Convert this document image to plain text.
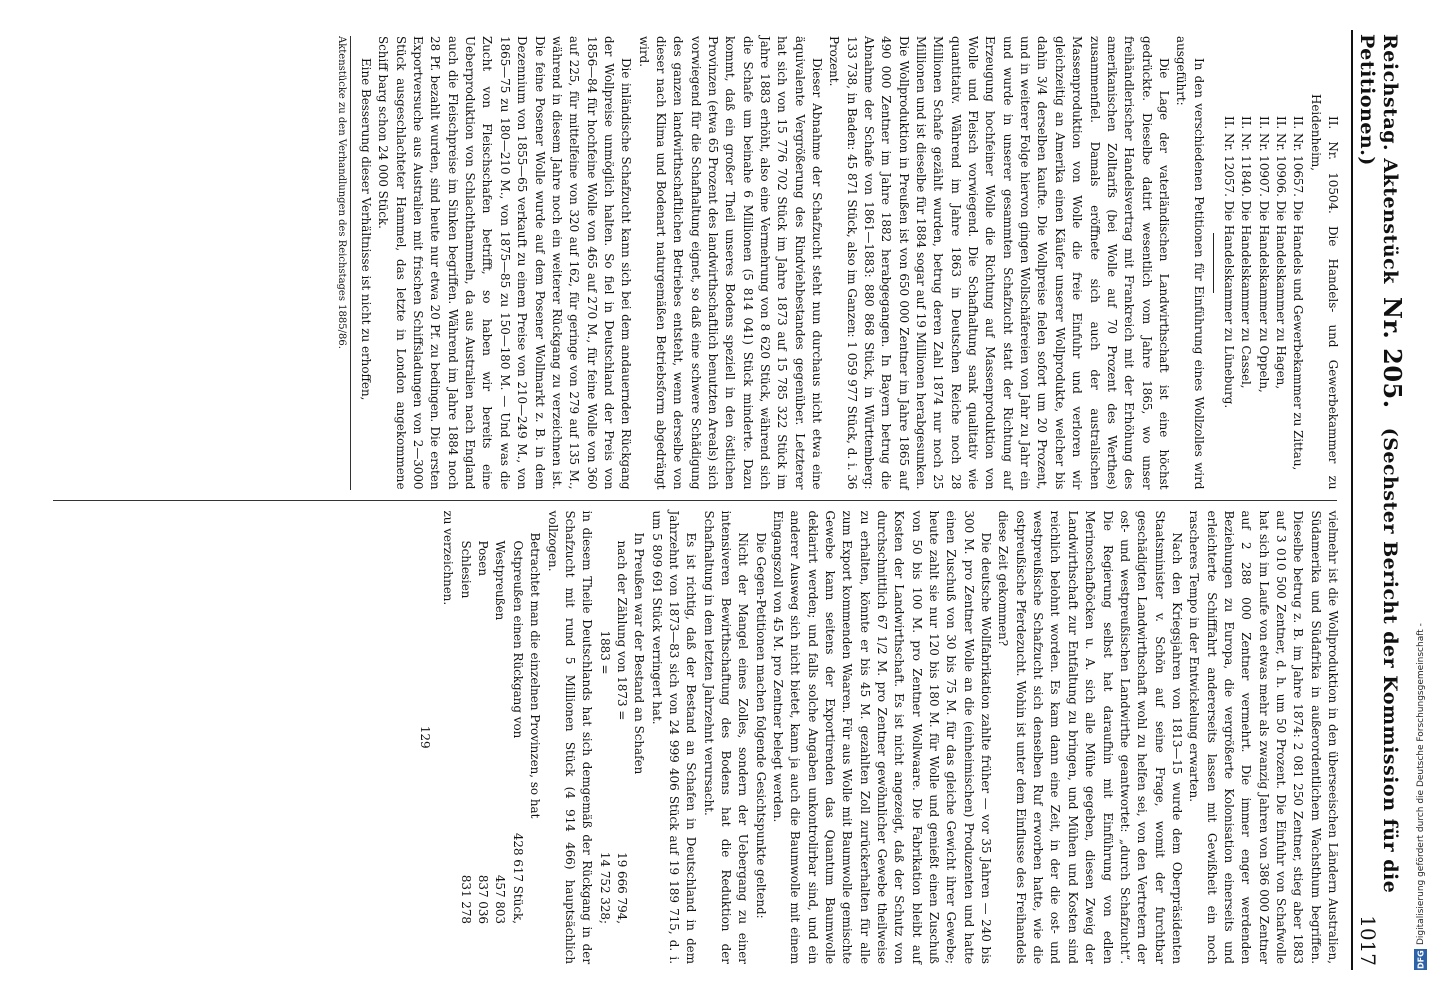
Reichstag. Aktenstück Nr. 205. (Sechster Bericht der Kommission für die Petitionen.)
1017

II. Nr. 10504. Die Handels- und Gewerbekammer zu Heidenheim,

II. Nr. 10657. Die Handels und Gewerbekammer zu Zittau,

II. Nr. 10906. Die Handelskammer zu Hagen,

II. Nr. 10907. Die Handelskammer zu Oppeln,

II. Nr. 11840. Die Handelskammer zu Cassel,

II. Nr. 12057. Die Handelskammer zu Lüneburg.

In den verschiedenen Petitionen für Einführung eines Wollzolles wird ausgeführt:

Die Lage der vaterländischen Landwirthschaft ist eine höchst gedrückte. Dieselbe datirt wesentlich vom Jahre 1865, wo unser freihändlerischer Handelsvertrag mit Frankreich mit der Erhöhung des amerikanischen Zolltarifs (bei Wolle auf 70 Prozent des Werthes) zusammenfiel. Damals eröffnete sich auch der australischen Massenproduktion von Wolle die freie Einfuhr und verloren wir gleichzeitig an Amerika einen Käufer unserer Wollprodukte, welcher bis dahin 3/4 derselben kaufte. Die Wollpreise fielen sofort um 20 Prozent, und in weiterer Folge hiervon gingen Wollschäfereien von Jahr zu Jahr ein und wurde in unserer gesammten Schafzucht statt der Richtung auf Erzeugung hochfeiner Wolle die Richtung auf Massenproduktion von Wolle und Fleisch vorwiegend. Die Schafhaltung sank qualitativ wie quantitativ. Während im Jahre 1863 in Deutschen Reiche noch 28 Millionen Schafe gezählt wurden, betrug deren Zahl 1874 nur noch 25 Millionen und ist dieselbe für 1884 sogar auf 19 Millionen herabgesunken. Die Wollproduktion in Preußen ist von 650 000 Zentner im Jahre 1865 auf 490 000 Zentner im Jahre 1882 herabgegangen. In Bayern betrug die Abnahme der Schafe von 1861—1883: 880 868 Stück, in Württemberg: 133 738, in Baden: 45 871 Stück, also im Ganzen: 1 059 977 Stück, d. i. 36 Prozent.

Dieser Abnahme der Schafzucht steht nun durchaus nicht etwa eine äquivalente Vergrößerung des Rindviehbestandes gegenüber. Letzterer hat sich von 15 776 702 Stück im Jahre 1873 auf 15 785 322 Stück im Jahre 1883 erhöht, also eine Vermehrung von 8 620 Stück, während sich die Schafe um beinahe 6 Millionen (5 814 041) Stück minderte. Dazu kommt, daß ein großer Theil unseres Bodens speziell in den östlichen Provinzen (etwa 65 Prozent des landwirthschaftlich benutzten Areals) sich vorwiegend für die Schafhaltung eignet, so daß eine schwere Schädigung des ganzen landwirthschaftlichen Betriebes entsteht, wenn derselbe von dieser nach Klima und Bodenart naturgemäßen Betriebsform abgedrängt wird.

Die inländische Schafzucht kann sich bei dem andauernden Rückgang der Wollpreise unmöglich halten. So fiel in Deutschland der Preis von 1856—84 für hochfeine Wolle von 465 auf 270 M., für feine Wolle von 360 auf 225, für mittelfeine von 320 auf 162, für geringe von 279 auf 135 M., während in diesem Jahre noch ein weiterer Rückgang zu verzeichnen ist. Die feine Posener Wolle wurde auf dem Posener Wollmarkt z. B. in dem Dezennium von 1855—65 verkauft zu einem Preise von 210—249 M., von 1865—75 zu 180—210 M., von 1875—85 zu 150—180 M. — Und was die Zucht von Fleischschafen betrifft, so haben wir bereits eine Ueberproduktion von Schlachthammeln, da aus Australien nach England auch die Fleischpreise im Sinken begriffen. Während im Jahre 1884 noch 28 Pf. bezahlt wurden, sind heute nur etwa 20 Pf. zu bedingen. Die ersten Exportversuche aus Australien mit frischen Schiffsladungen von 2—3000 Stück ausgeschlachteter Hammel, das letzte in London angekommene Schiff barg schon 24 000 Stück.

Eine Besserung dieser Verhältnisse ist nicht zu erhoffen,

Aktenstücke zu den Verhandlungen des Reichstages 1885/86.

vielmehr ist die Wollproduktion in den überseeischen Ländern Australien, Südamerika und Südafrika in außerordentlichem Wachsthum begriffen. Dieselbe betrug z. B. im Jahre 1874: 2 081 250 Zentner, stieg aber 1883 auf 3 010 500 Zentner, d. h. um 50 Prozent. Die Einfuhr von Schafwolle hat sich im Laufe von etwas mehr als zwanzig Jahren von 386 000 Zentner auf 2 288 000 Zentner vermehrt. Die immer enger werdenden Beziehungen zu Europa, die vergrößerte Kolonisation einerseits und erleichterte Schifffahrt andererseits lassen mit Gewißheit ein noch rascheres Tempo in der Entwickelung erwarten.

Nach den Kriegsjahren von 1813—15 wurde dem Oberpräsidenten Staatsminister v. Schön auf seine Frage, womit der furchtbar geschädigten Landwirthschaft wohl zu helfen sei, von den Vertretern der ost- und westpreußischen Landwirthe geantwortet: „durch Schafzucht“. Die Regierung selbst hat daraufhin mit Einführung von edlen Merinoschafböcken u. A. sich alle Mühe gegeben, diesen Zweig der Landwirthschaft zur Entfaltung zu bringen, und Mühen und Kosten sind reichlich belohnt worden. Es kam dann eine Zeit, in der die ost- und westpreußische Schafzucht sich denselben Ruf erworben hatte, wie die ostpreußische Pferdezucht. Wohin ist unter dem Einflusse des Freihandels diese Zeit gekommen?

Die deutsche Wollfabrikation zahlte früher — vor 35 Jahren — 240 bis 300 M. pro Zentner Wolle an die (einheimischen) Produzenten und hatte einen Zuschuß von 30 bis 75 M. für das gleiche Gewicht ihrer Gewebe; heute zahlt sie nur 120 bis 180 M. für Wolle und genießt einen Zuschuß von 50 bis 100 M. pro Zentner Wollwaare. Die Fabrikation bleibt auf Kosten der Landwirthschaft. Es ist nicht angezeigt, daß der Schutz von durchschnittlich 67 1/2 M. pro Zentner gewöhnlicher Gewebe theilweise zu erhalten, könnte er bis 45 M. gezahlten Zoll zurückerhalten für alle zum Export kommenden Waaren. Für aus Wolle mit Baumwolle gemischte Gewebe kann seitens der Exportirenden das Quantum Baumwolle deklarirt werden; und falls solche Angaben unkontrolirbar sind, und ein anderer Ausweg sich nicht bietet, kann ja auch die Baumwolle mit einem Eingangszoll von 45 M. pro Zentner belegt werden.

Die Gegen-Petitionen machen folgende Gesichtspunkte geltend:

Nicht der Mangel eines Zolles, sondern der Uebergang zu einer intensiveren Bewirthschaftung des Bodens hat die Reduktion der Schafhaltung in dem letzten Jahrzehnt verursacht.

Es ist richtig, daß der Bestand an Schafen in Deutschland in dem Jahrzehnt von 1873—83 sich von 24 999 406 Stück auf 19 189 715, d. i. um 5 809 691 Stück verringert hat.

In Preußen war der Bestand an Schafen

nach der Zählung von 1873 =	19 666 794,
1883 =	14 752 328;

in diesem Theile Deutschlands hat sich demgemäß der Rückgang in der Schafzucht mit rund 5 Millionen Stück (4 914 466) hauptsächlich vollzogen.

Betrachtet man die einzelnen Provinzen, so hat

Ostpreußen einen Rückgang von	428 617 Stück,
Westpreußen	457 803
Posen	837 036
Schlesien	831 278

zu verzeichnen.

129
DFG
Digitalisierung gefördert durch die Deutsche Forschungsgemeinschaft -
